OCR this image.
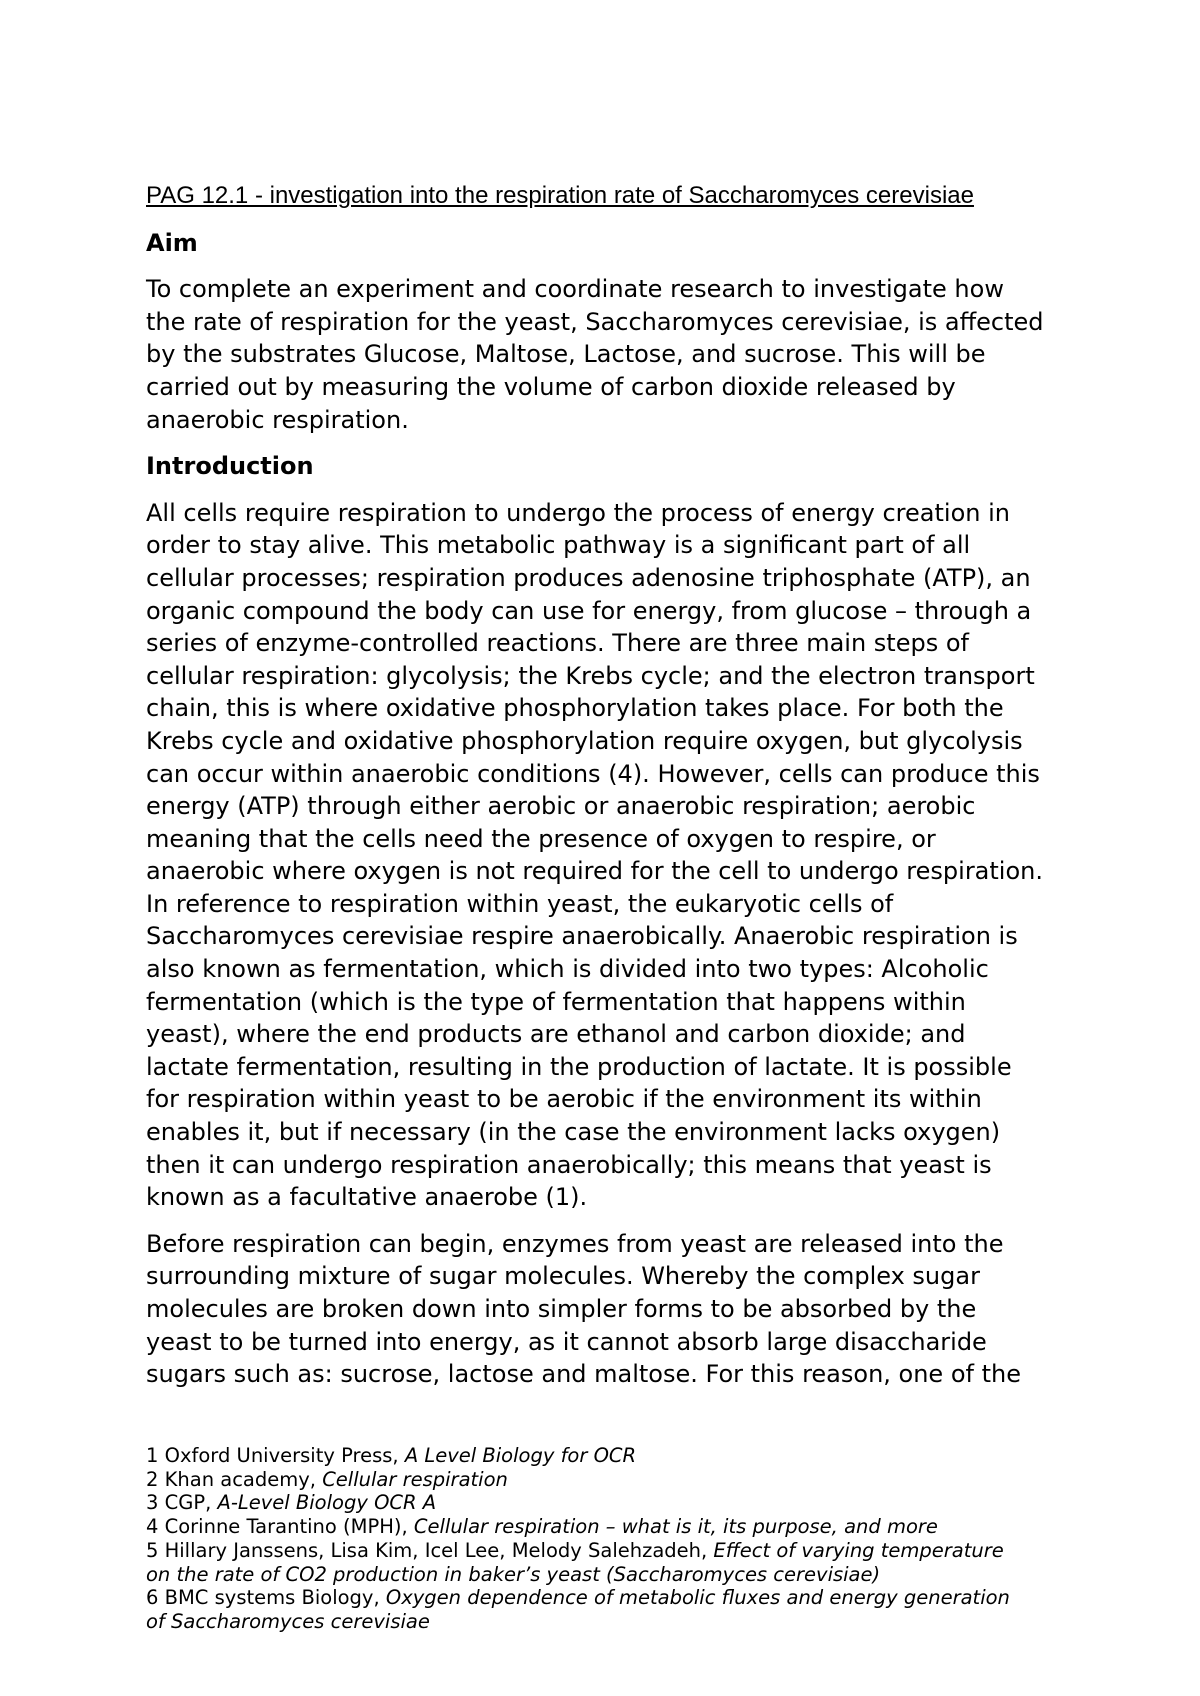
PAG 12.1 - investigation into the respiration rate of Saccharomyces cerevisiae
Aim
To complete an experiment and coordinate research to investigate how
the rate of respiration for the yeast, Saccharomyces cerevisiae, is affected
by the substrates Glucose, Maltose, Lactose, and sucrose. This will be
carried out by measuring the volume of carbon dioxide released by
anaerobic respiration.
Introduction
All cells require respiration to undergo the process of energy creation in
order to stay alive. This metabolic pathway is a significant part of all
cellular processes; respiration produces adenosine triphosphate (ATP), an
organic compound the body can use for energy, from glucose – through a
series of enzyme-controlled reactions. There are three main steps of
cellular respiration: glycolysis; the Krebs cycle; and the electron transport
chain, this is where oxidative phosphorylation takes place. For both the
Krebs cycle and oxidative phosphorylation require oxygen, but glycolysis
can occur within anaerobic conditions (4). However, cells can produce this
energy (ATP) through either aerobic or anaerobic respiration; aerobic
meaning that the cells need the presence of oxygen to respire, or
anaerobic where oxygen is not required for the cell to undergo respiration.
In reference to respiration within yeast, the eukaryotic cells of
Saccharomyces cerevisiae respire anaerobically. Anaerobic respiration is
also known as fermentation, which is divided into two types: Alcoholic
fermentation (which is the type of fermentation that happens within
yeast), where the end products are ethanol and carbon dioxide; and
lactate fermentation, resulting in the production of lactate. It is possible
for respiration within yeast to be aerobic if the environment its within
enables it, but if necessary (in the case the environment lacks oxygen)
then it can undergo respiration anaerobically; this means that yeast is
known as a facultative anaerobe (1).
Before respiration can begin, enzymes from yeast are released into the
surrounding mixture of sugar molecules. Whereby the complex sugar
molecules are broken down into simpler forms to be absorbed by the
yeast to be turned into energy, as it cannot absorb large disaccharide
sugars such as: sucrose, lactose and maltose. For this reason, one of the
1 Oxford University Press, A Level Biology for OCR
2 Khan academy, Cellular respiration
3 CGP, A-Level Biology OCR A
4 Corinne Tarantino (MPH), Cellular respiration – what is it, its purpose, and more
5 Hillary Janssens, Lisa Kim, Icel Lee, Melody Salehzadeh, Effect of varying temperature
on the rate of CO2 production in baker’s yeast (Saccharomyces cerevisiae)
6 BMC systems Biology, Oxygen dependence of metabolic fluxes and energy generation
of Saccharomyces cerevisiae
